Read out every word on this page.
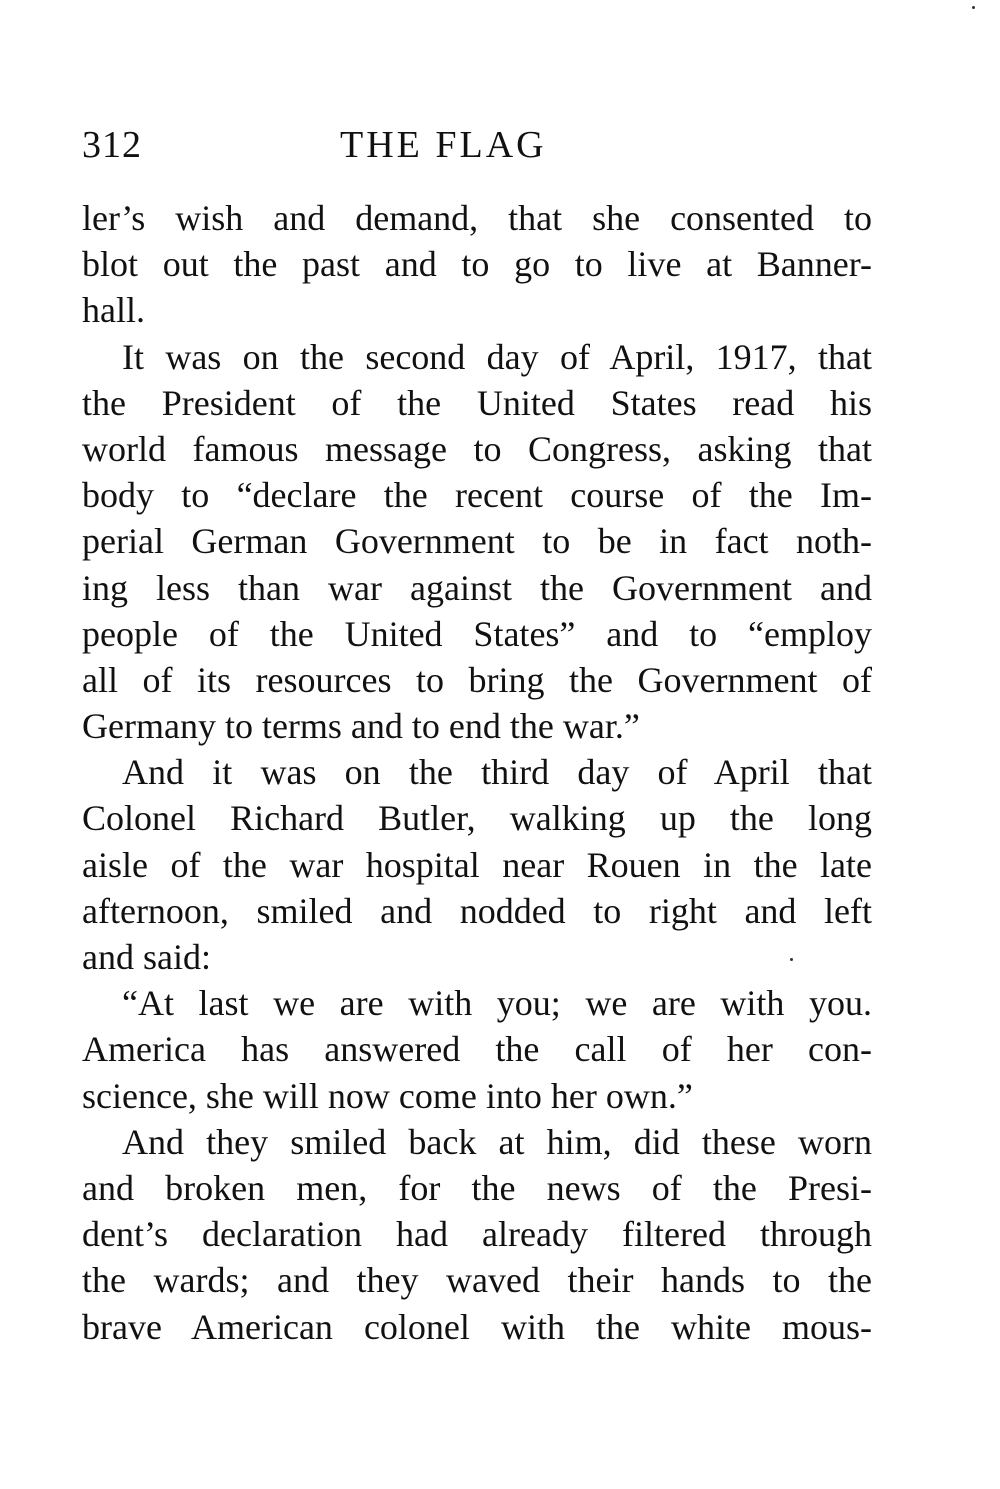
312	THE FLAG
ler’s wish and demand, that she consented to
blot out the past and to go to live at Banner-
hall.
It was on the second day of April, 1917, that
the President of the United States read his
world famous message to Congress, asking that
body to “declare the recent course of the Im-
perial German Government to be in fact noth-
ing less than war against the Government and
people of the United States” and to “employ
all of its resources to bring the Government of
Germany to terms and to end the war.”
And it was on the third day of April that
Colonel Richard Butler, walking up the long
aisle of the war hospital near Rouen in the late
afternoon, smiled and nodded to right and left
and said:
“At last we are with you; we are with you.
America has answered the call of her con-
science, she will now come into her own.”
And they smiled back at him, did these worn
and broken men, for the news of the Presi-
dent’s declaration had already filtered through
the wards; and they waved their hands to the
brave American colonel with the white mous-
